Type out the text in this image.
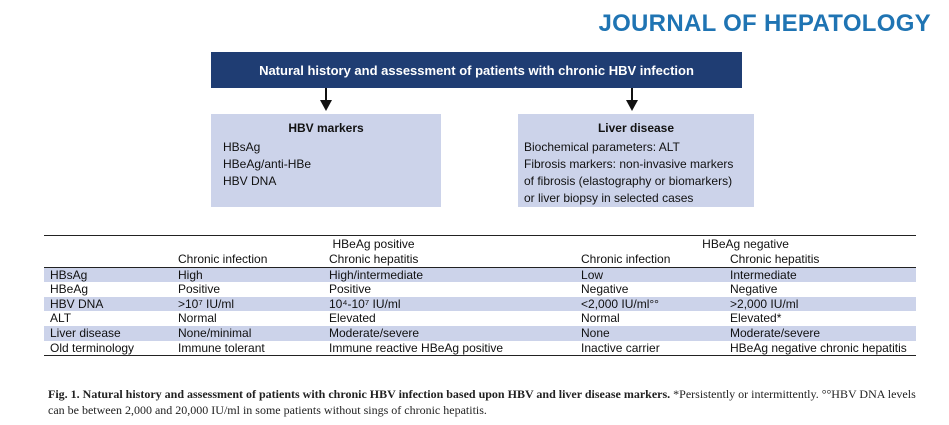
JOURNAL OF HEPATOLOGY
Natural history and assessment of patients with chronic HBV infection
HBV markers
HBsAg
HBeAg/anti-HBe
HBV DNA
Liver disease
Biochemical parameters: ALT
Fibrosis markers: non-invasive markers
of fibrosis (elastography or biomarkers)
or liver biopsy in selected cases
	HBeAg positive		HBeAg negative	
	Chronic infection	Chronic hepatitis	Chronic infection	Chronic hepatitis
HBsAg	High	High/intermediate	Low	Intermediate
HBeAg	Positive	Positive	Negative	Negative
HBV DNA	>10⁷ IU/ml	10⁴-10⁷ IU/ml	<2,000 IU/ml°°	>2,000 IU/ml
ALT	Normal	Elevated	Normal	Elevated*
Liver disease	None/minimal	Moderate/severe	None	Moderate/severe
Old terminology	Immune tolerant	Immune reactive HBeAg positive	Inactive carrier	HBeAg negative chronic hepatitis
Fig. 1. Natural history and assessment of patients with chronic HBV infection based upon HBV and liver disease markers. *Persistently or intermittently. °°HBV DNA levels can be between 2,000 and 20,000 IU/ml in some patients without sings of chronic hepatitis.
